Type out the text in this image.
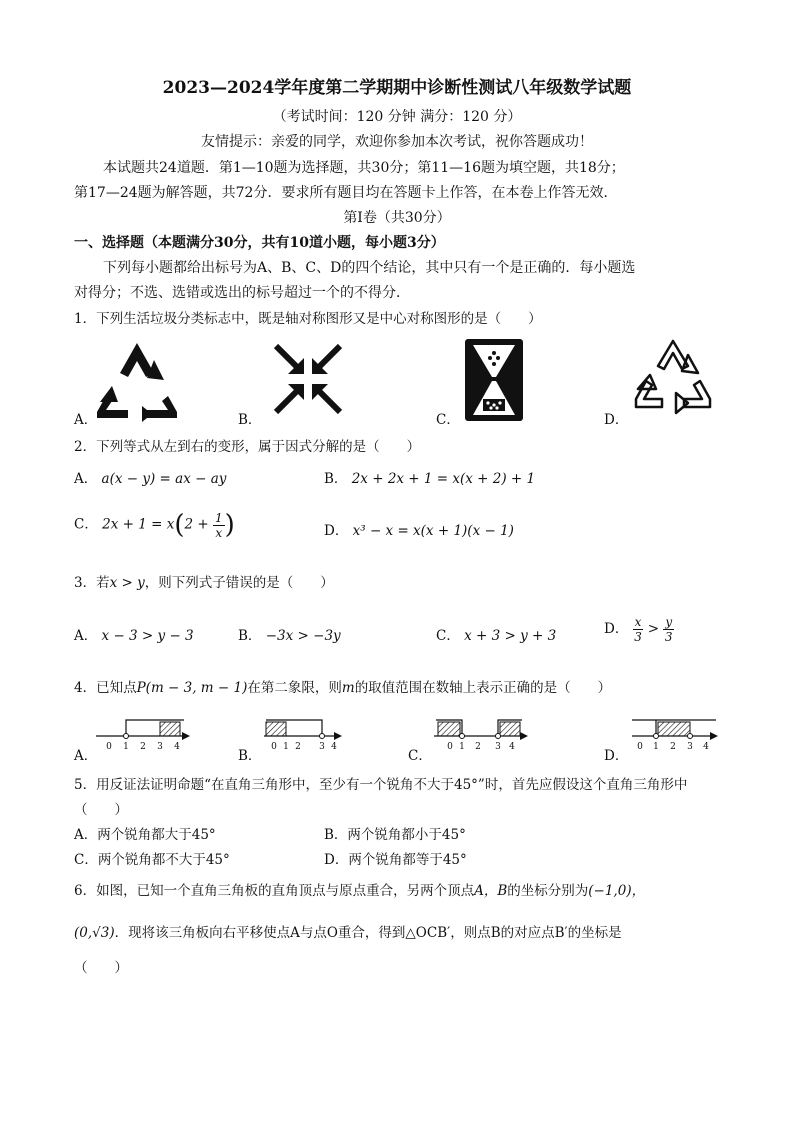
2023—2024学年度第二学期期中诊断性测试八年级数学试题
（考试时间：120 分钟 满分：120 分）
友情提示：亲爱的同学，欢迎你参加本次考试，祝你答题成功！
本试题共24道题．第1—10题为选择题，共30分；第11—16题为填空题，共18分；
第17—24题为解答题，共72分．要求所有题目均在答题卡上作答，在本卷上作答无效．
第Ⅰ卷（共30分）
一、选择题（本题满分30分，共有10道小题，每小题3分）
下列每小题都给出标号为A、B、C、D的四个结论，其中只有一个是正确的．每小题选
对得分；不选、选错或选出的标号超过一个的不得分．
1．下列生活垃圾分类标志中，既是轴对称图形又是中心对称图形的是（　　）
A．	B．	C．	D．
2．下列等式从左到右的变形，属于因式分解的是（　　）
A． a(x − y) = ax − ay	B． 2x + 2x + 1 = x(x + 2) + 1
C． $2x + 1 = x(2 + \frac{1}{x}$ )	D． x³ − x = x(x + 1)(x − 1)
3．若x > y，则下列式子错误的是（　　）
A． x − 3 > y − 3	B． −3x > −3y	C． x + 3 > y + 3	D． $\frac{x}{3} > \frac{y}{3}$
4．已知点P(m − 3, m − 1)在第二象限，则m的取值范围在数轴上表示正确的是（　　）
A．	B．	C．	D．
0 1 2 3 4	0 1 2 3 4	0 1 2 3 4	0 1 2 3 4
5．用反证法证明命题“在直角三角形中，至少有一个锐角不大于45°”时，首先应假设这个直角三角形中
（　　）
A．两个锐角都大于45°	B．两个锐角都小于45°
C．两个锐角都不大于45°	D．两个锐角都等于45°
6．如图，已知一个直角三角板的直角顶点与原点重合，另两个顶点A，B的坐标分别为(−1,0)，
(0,√3)．现将该三角板向右平移使点A与点O重合，得到△OCB′，则点B的对应点B′的坐标是
（　　）
